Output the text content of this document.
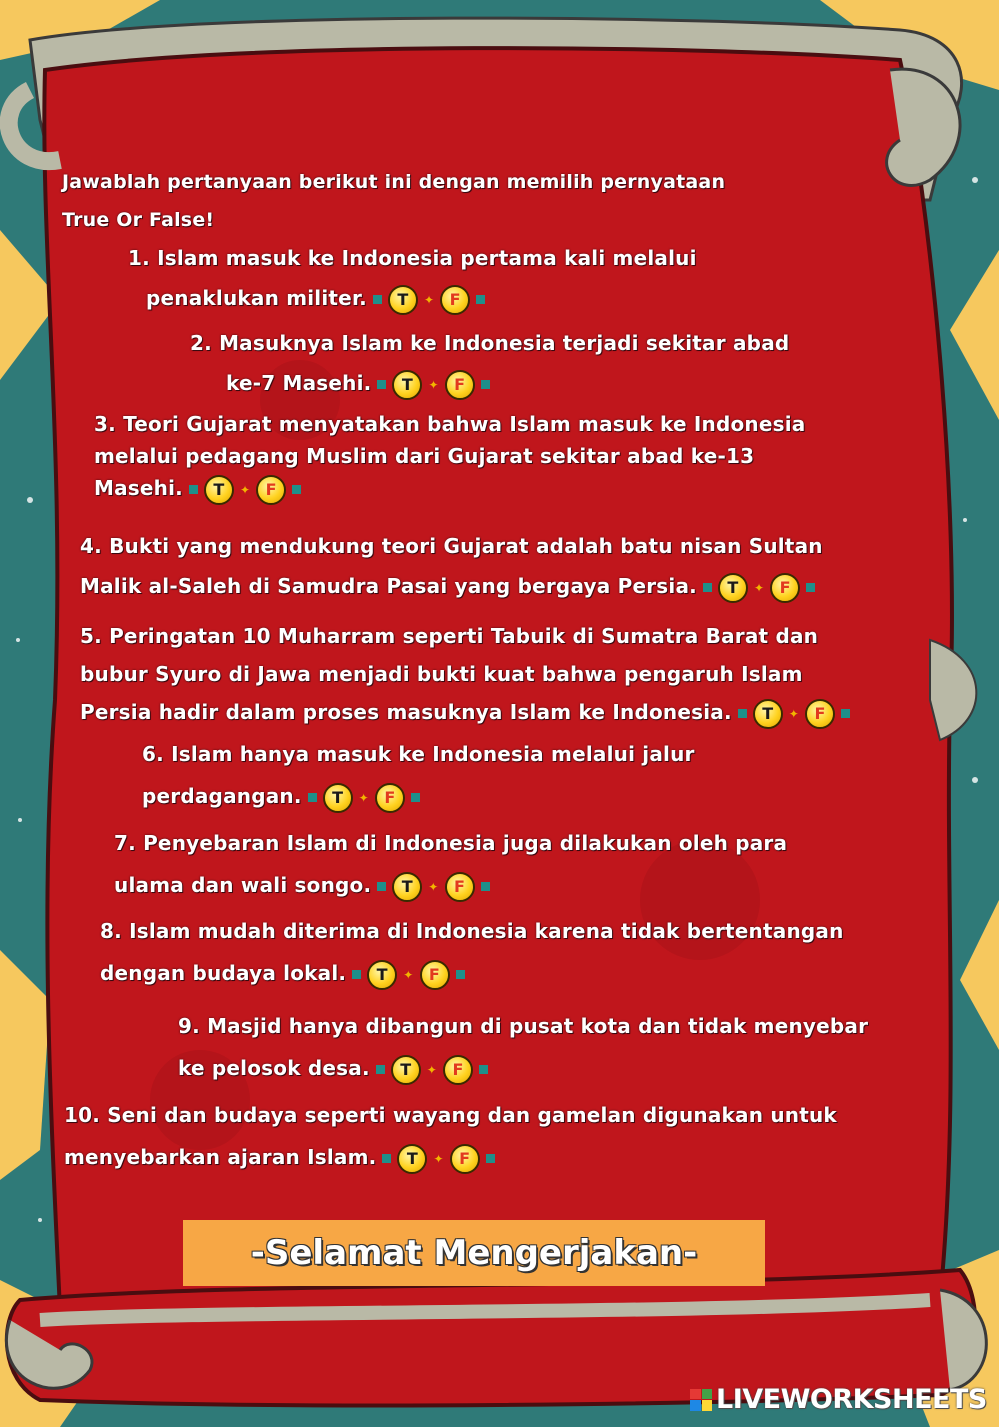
Jawablah pertanyaan berikut ini dengan memilih pernyataan
True Or False!
1. Islam masuk ke Indonesia pertama kali melalui
penaklukan militer.	T	✦ F
2. Masuknya Islam ke Indonesia terjadi sekitar abad
ke-7 Masehi.	T	✦ F
3. Teori Gujarat menyatakan bahwa Islam masuk ke Indonesia
melalui pedagang Muslim dari Gujarat sekitar abad ke-13
Masehi.	T	✦ F
4. Bukti yang mendukung teori Gujarat adalah batu nisan Sultan
Malik al-Saleh di Samudra Pasai yang bergaya Persia.	T	✦ F
5. Peringatan 10 Muharram seperti Tabuik di Sumatra Barat dan
bubur Syuro di Jawa menjadi bukti kuat bahwa pengaruh Islam
Persia hadir dalam proses masuknya Islam ke Indonesia.	T	✦ F
6. Islam hanya masuk ke Indonesia melalui jalur
perdagangan.	T	✦ F
7. Penyebaran Islam di Indonesia juga dilakukan oleh para
ulama dan wali songo.	T	✦ F
8. Islam mudah diterima di Indonesia karena tidak bertentangan
dengan budaya lokal.	T	✦ F
9. Masjid hanya dibangun di pusat kota dan tidak menyebar
ke pelosok desa.	T	✦ F
10. Seni dan budaya seperti wayang dan gamelan digunakan untuk
menyebarkan ajaran Islam.	T	✦ F
-Selamat Mengerjakan-
LIVEWORKSHEETS
